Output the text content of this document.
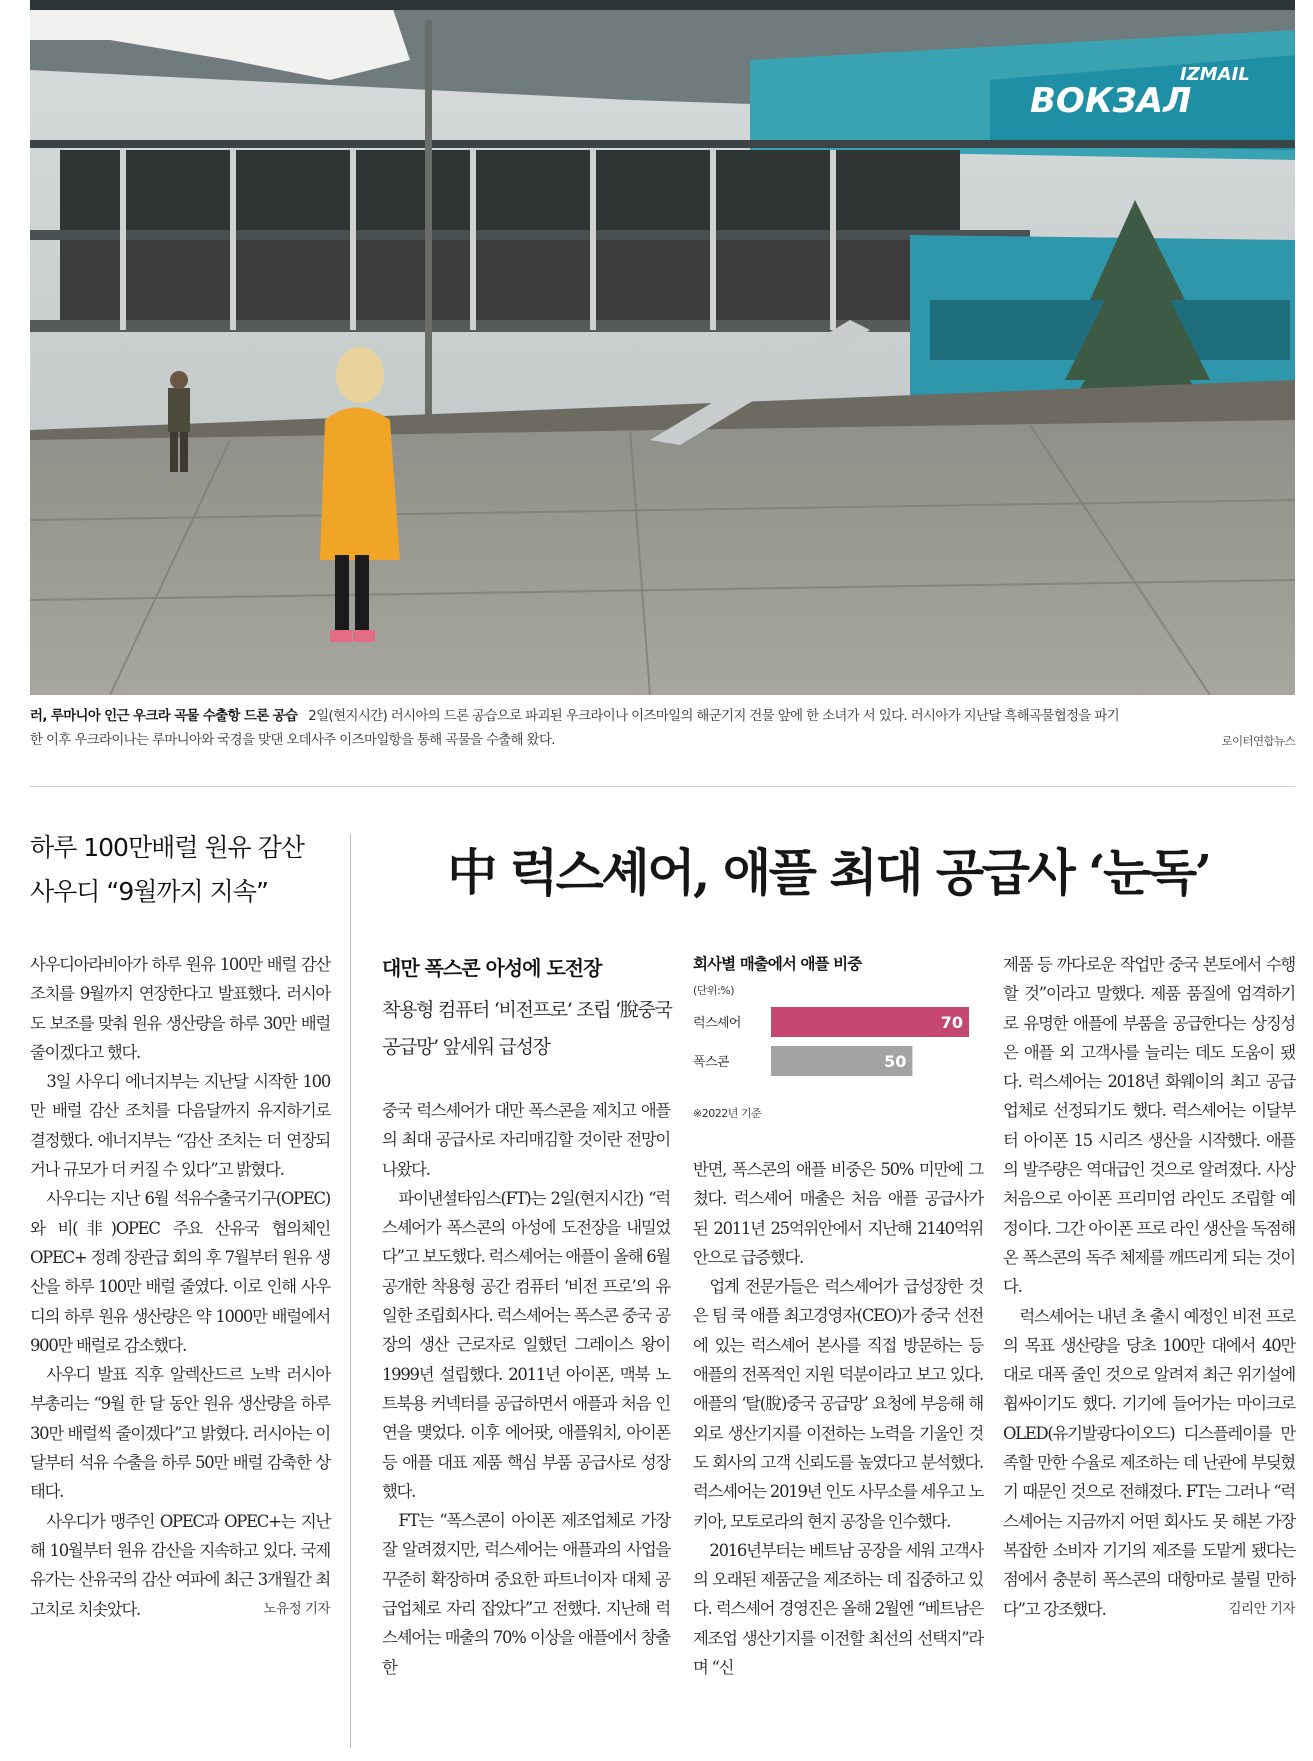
ВОКЗАЛ
IZMAIL
러, 루마니아 인근 우크라 곡물 수출항 드론 공습 2일(현지시간) 러시아의 드론 공습으로 파괴된 우크라이나 이즈마일의 해군기지 건물 앞에 한 소녀가 서 있다. 러시아가 지난달 흑해곡물협정을 파기
한 이후 우크라이나는 루마니아와 국경을 맞댄 오데사주 이즈마일항을 통해 곡물을 수출해 왔다.	로이터연합뉴스
하루 100만배럴 원유 감산
사우디 “9월까지 지속”

사우디아라비아가 하루 원유 100만 배럴 감산 조치를 9월까지 연장한다고 발표했다. 러시아도 보조를 맞춰 원유 생산량을 하루 30만 배럴 줄이겠다고 했다.

3일 사우디 에너지부는 지난달 시작한 100만 배럴 감산 조치를 다음달까지 유지하기로 결정했다. 에너지부는 “감산 조치는 더 연장되거나 규모가 더 커질 수 있다”고 밝혔다.

사우디는 지난 6월 석유수출국기구(OPEC)와 비(非)OPEC 주요 산유국 협의체인 OPEC+ 정례 장관급 회의 후 7월부터 원유 생산을 하루 100만 배럴 줄였다. 이로 인해 사우디의 하루 원유 생산량은 약 1000만 배럴에서 900만 배럴로 감소했다.

사우디 발표 직후 알렉산드르 노박 러시아 부총리는 “9월 한 달 동안 원유 생산량을 하루 30만 배럴씩 줄이겠다”고 밝혔다. 러시아는 이달부터 석유 수출을 하루 50만 배럴 감축한 상태다.

사우디가 맹주인 OPEC과 OPEC+는 지난해 10월부터 원유 감산을 지속하고 있다. 국제 유가는 산유국의 감산 여파에 최근 3개월간 최고치로 치솟았다.	노유정 기자

中 럭스셰어, 애플 최대 공급사 ‘눈독’
대만 폭스콘 아성에 도전장
착용형 컴퓨터 ‘비전프로’ 조립 ‘脫중국 공급망’ 앞세워 급성장

중국 럭스셰어가 대만 폭스콘을 제치고 애플의 최대 공급사로 자리매김할 것이란 전망이 나왔다.

파이낸셜타임스(FT)는 2일(현지시간) “럭스셰어가 폭스콘의 아성에 도전장을 내밀었다”고 보도했다. 럭스셰어는 애플이 올해 6월 공개한 착용형 공간 컴퓨터 ‘비전 프로’의 유일한 조립회사다. 럭스셰어는 폭스콘 중국 공장의 생산 근로자로 일했던 그레이스 왕이 1999년 설립했다. 2011년 아이폰, 맥북 노트북용 커넥터를 공급하면서 애플과 처음 인연을 맺었다. 이후 에어팟, 애플워치, 아이폰 등 애플 대표 제품 핵심 부품 공급사로 성장했다.

FT는 “폭스콘이 아이폰 제조업체로 가장 잘 알려졌지만, 럭스셰어는 애플과의 사업을 꾸준히 확장하며 중요한 파트너이자 대체 공급업체로 자리 잡았다”고 전했다. 지난해 럭스셰어는 매출의 70% 이상을 애플에서 창출한

회사별 매출에서 애플 비중
(단위:%)
럭스셰어	70
폭스콘	50
※2022년 기준

반면, 폭스콘의 애플 비중은 50% 미만에 그쳤다. 럭스셰어 매출은 처음 애플 공급사가 된 2011년 25억위안에서 지난해 2140억위안으로 급증했다.

업계 전문가들은 럭스셰어가 급성장한 것은 팀 쿡 애플 최고경영자(CEO)가 중국 선전에 있는 럭스셰어 본사를 직접 방문하는 등 애플의 전폭적인 지원 덕분이라고 보고 있다. 애플의 ‘탈(脫)중국 공급망’ 요청에 부응해 해외로 생산기지를 이전하는 노력을 기울인 것도 회사의 고객 신뢰도를 높였다고 분석했다. 럭스셰어는 2019년 인도 사무소를 세우고 노키아, 모토로라의 현지 공장을 인수했다.

2016년부터는 베트남 공장을 세워 고객사의 오래된 제품군을 제조하는 데 집중하고 있다. 럭스셰어 경영진은 올해 2월엔 “베트남은 제조업 생산기지를 이전할 최선의 선택지”라며 “신

제품 등 까다로운 작업만 중국 본토에서 수행할 것”이라고 말했다. 제품 품질에 엄격하기로 유명한 애플에 부품을 공급한다는 상징성은 애플 외 고객사를 늘리는 데도 도움이 됐다. 럭스셰어는 2018년 화웨이의 최고 공급업체로 선정되기도 했다. 럭스셰어는 이달부터 아이폰 15 시리즈 생산을 시작했다. 애플의 발주량은 역대급인 것으로 알려졌다. 사상 처음으로 아이폰 프리미엄 라인도 조립할 예정이다. 그간 아이폰 프로 라인 생산을 독점해 온 폭스콘의 독주 체제를 깨뜨리게 되는 것이다.

럭스셰어는 내년 초 출시 예정인 비전 프로의 목표 생산량을 당초 100만 대에서 40만 대로 대폭 줄인 것으로 알려져 최근 위기설에 휩싸이기도 했다. 기기에 들어가는 마이크로 OLED(유기발광다이오드) 디스플레이를 만족할 만한 수율로 제조하는 데 난관에 부딪혔기 때문인 것으로 전해졌다. FT는 그러나 “럭스셰어는 지금까지 어떤 회사도 못 해본 가장 복잡한 소비자 기기의 제조를 도맡게 됐다는 점에서 충분히 폭스콘의 대항마로 불릴 만하다”고 강조했다.	김리안 기자
